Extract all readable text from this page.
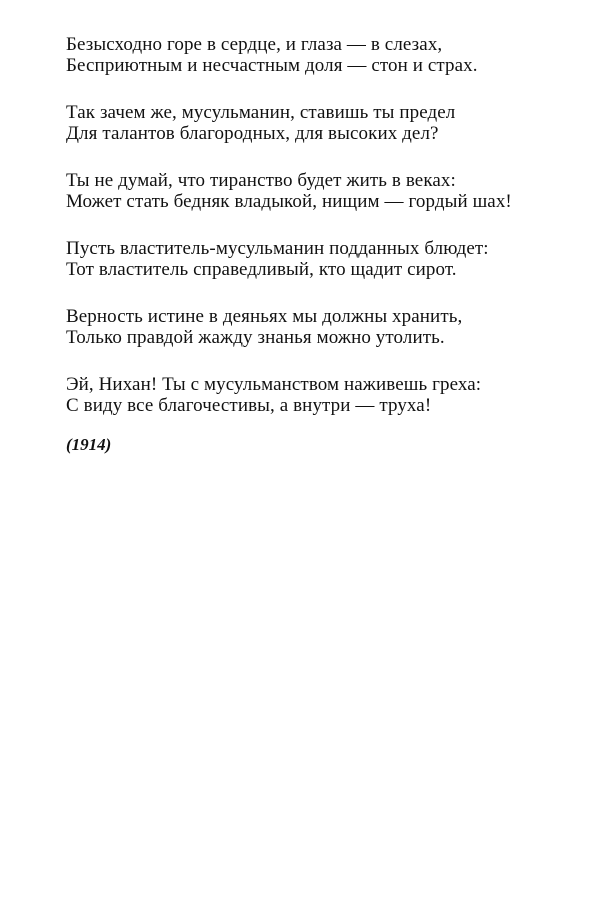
Безысходно горе в сердце, и глаза — в слезах,
Бесприютным и несчастным доля — стон и страх.
Так зачем же, мусульманин, ставишь ты предел
Для талантов благородных, для высоких дел?
Ты не думай, что тиранство будет жить в веках:
Может стать бедняк владыкой, нищим — гордый шах!
Пусть властитель-мусульманин подданных блюдет:
Тот властитель справедливый, кто щадит сирот.
Верность истине в деяньях мы должны хранить,
Только правдой жажду знанья можно утолить.
Эй, Нихан! Ты с мусульманством наживешь греха:
С виду все благочестивы, а внутри — труха!
(1914)
